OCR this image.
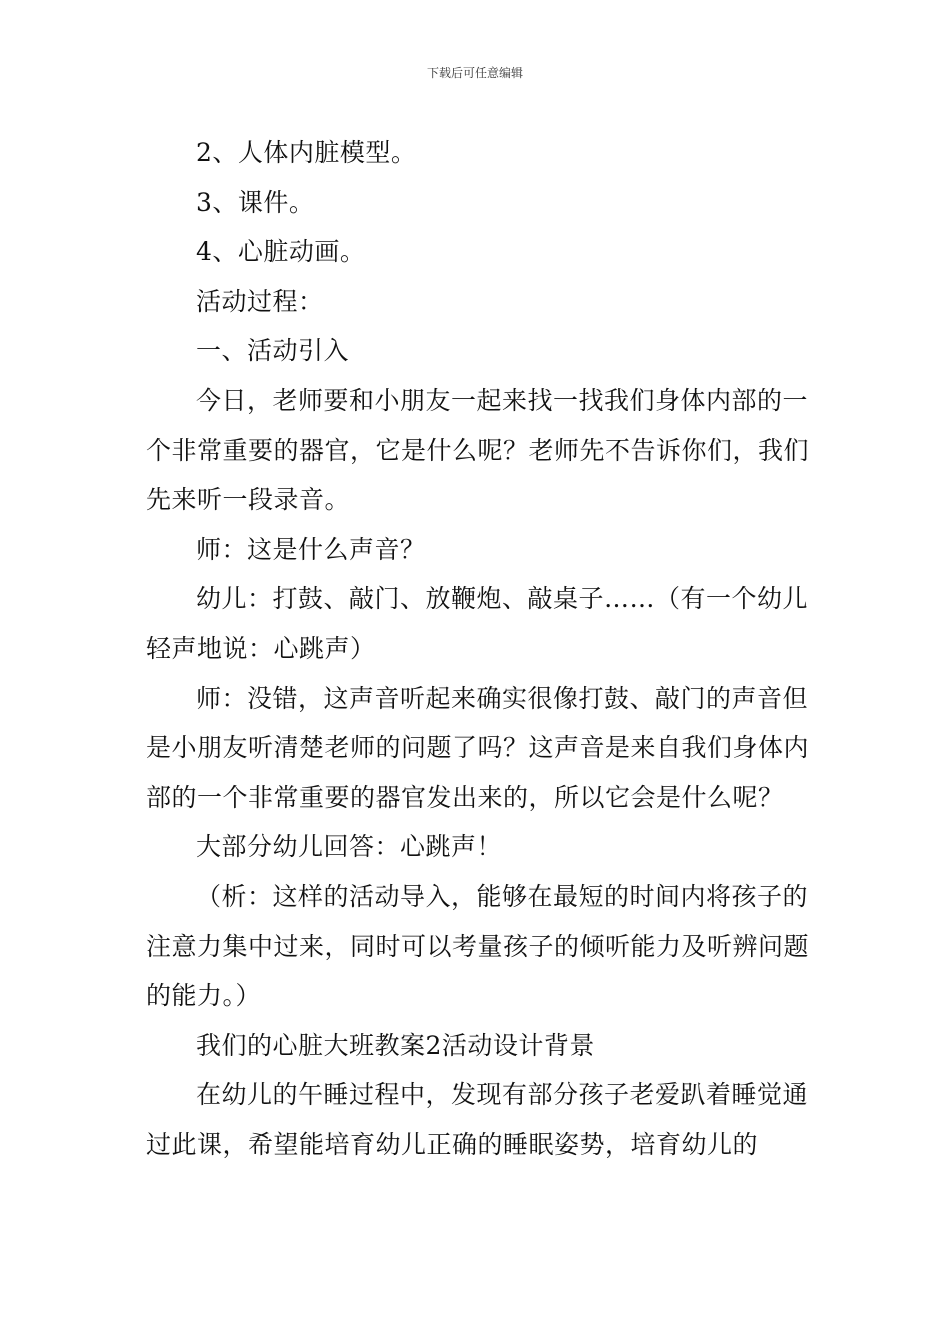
下载后可任意编辑

2、人体内脏模型。

3、课件。

4、心脏动画。

活动过程：

一、活动引入

今日，老师要和小朋友一起来找一找我们身体内部的一个非常重要的器官，它是什么呢？老师先不告诉你们，我们先来听一段录音。

师：这是什么声音？

幼儿：打鼓、敲门、放鞭炮、敲桌子……（有一个幼儿轻声地说：心跳声）

师：没错，这声音听起来确实很像打鼓、敲门的声音但是小朋友听清楚老师的问题了吗？这声音是来自我们身体内部的一个非常重要的器官发出来的，所以它会是什么呢？

大部分幼儿回答：心跳声！

（析：这样的活动导入，能够在最短的时间内将孩子的注意力集中过来，同时可以考量孩子的倾听能力及听辨问题的能力。）

我们的心脏大班教案2活动设计背景

在幼儿的午睡过程中，发现有部分孩子老爱趴着睡觉通过此课，希望能培育幼儿正确的睡眠姿势，培育幼儿的
